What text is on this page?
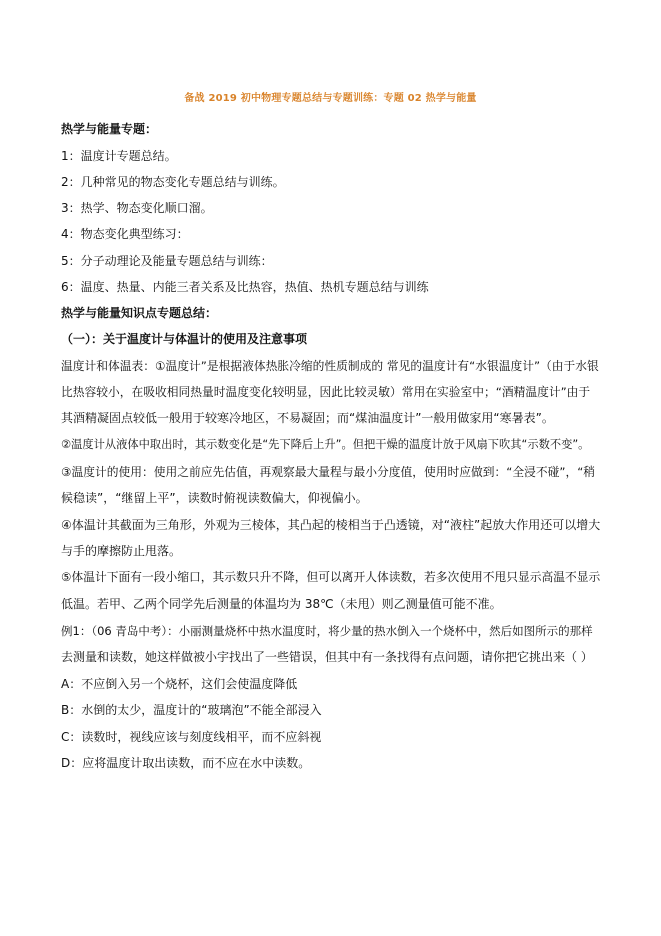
备战 2019 初中物理专题总结与专题训练：专题 02 热学与能量
热学与能量专题：
1：温度计专题总结。
2：几种常见的物态变化专题总结与训练。
3：热学、物态变化顺口溜。
4：物态变化典型练习：
5：分子动理论及能量专题总结与训练：
6：温度、热量、内能三者关系及比热容，热值、热机专题总结与训练
热学与能量知识点专题总结：
（一）：关于温度计与体温计的使用及注意事项
温度计和体温表：①温度计”是根据液体热胀冷缩的性质制成的 常见的温度计有“水银温度计”（由于水银
比热容较小，在吸收相同热量时温度变化较明显，因此比较灵敏）常用在实验室中；“酒精温度计”由于
其酒精凝固点较低一般用于较寒冷地区，不易凝固；而“煤油温度计”一般用做家用“寒暑表”。
②温度计从液体中取出时，其示数变化是“先下降后上升”。但把干燥的温度计放于风扇下吹其“示数不变”。
③温度计的使用：使用之前应先估值，再观察最大量程与最小分度值，使用时应做到：“全浸不碰”，“稍
候稳读”，“继留上平”，读数时俯视读数偏大，仰视偏小。
④体温计其截面为三角形，外观为三棱体，其凸起的棱相当于凸透镜，对“液柱”起放大作用还可以增大
与手的摩擦防止甩落。
⑤体温计下面有一段小缩口，其示数只升不降，但可以离开人体读数，若多次使用不甩只显示高温不显示
低温。若甲、乙两个同学先后测量的体温均为 38℃（未甩）则乙测量值可能不准。
例1：（06 青岛中考）：小丽测量烧杯中热水温度时，将少量的热水倒入一个烧杯中，然后如图所示的那样
去测量和读数，她这样做被小宇找出了一些错误，但其中有一条找得有点问题，请你把它挑出来（ ）
A：不应倒入另一个烧杯，这们会使温度降低
B：水倒的太少，温度计的“玻璃泡”不能全部浸入
C：读数时，视线应该与刻度线相平，而不应斜视
D：应将温度计取出读数，而不应在水中读数。
